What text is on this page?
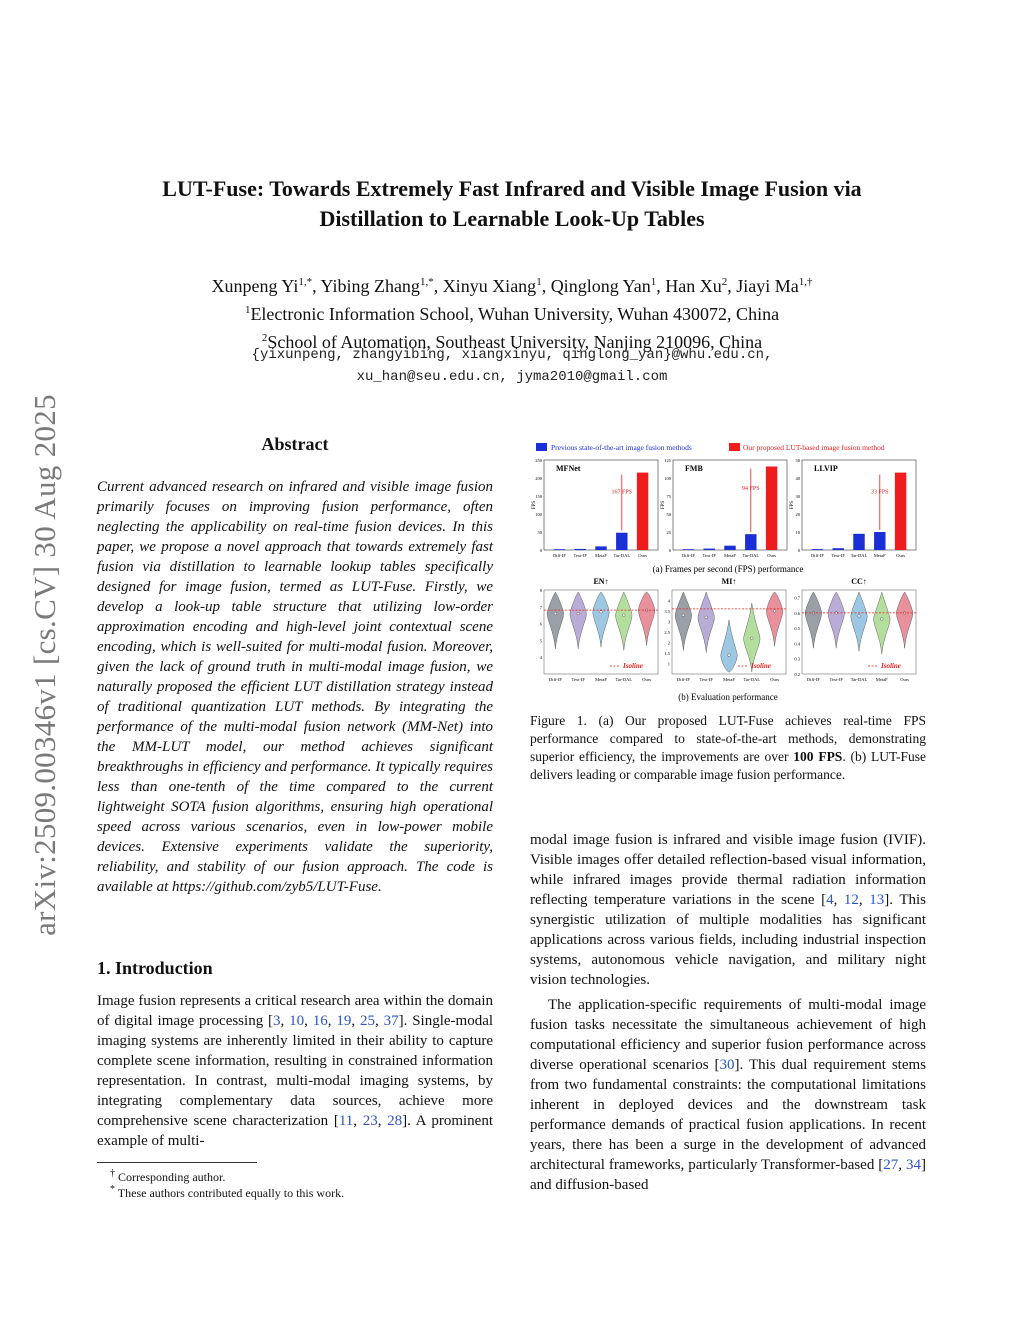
arXiv:2509.00346v1 [cs.CV] 30 Aug 2025
LUT-Fuse: Towards Extremely Fast Infrared and Visible Image Fusion via
Distillation to Learnable Look-Up Tables
Xunpeng $Yi^{1,*}$, Yibing Zhang$^{1,*}$, Xinyu Xiang$^1$, Qinglong Yan$^1$, Han Xu$^2$, Jiayi $Ma^{1,\dagger}$
$^1$Electronic Information School, Wuhan University, Wuhan 430072, China
$^2$School of Automation, Southeast University, Nanjing 210096, China
{yixunpeng, zhangyibing, xiangxinyu, qinglong_yan}@whu.edu.cn,
xu_han@seu.edu.cn, jyma2010@gmail.com
Abstract
Current advanced research on infrared and visible image fusion primarily focuses on improving fusion performance, often neglecting the applicability on real-time fusion devices. In this paper, we propose a novel approach that towards extremely fast fusion via distillation to learnable lookup tables specifically designed for image fusion, termed as LUT-Fuse. Firstly, we develop a look-up table structure that utilizing low-order approximation encoding and high-level joint contextual scene encoding, which is well-suited for multi-modal fusion. Moreover, given the lack of ground truth in multi-modal image fusion, we naturally proposed the efficient LUT distillation strategy instead of traditional quantization LUT methods. By integrating the performance of the multi-modal fusion network (MM-Net) into the MM-LUT model, our method achieves significant breakthroughs in efficiency and performance. It typically requires less than one-tenth of the time compared to the current lightweight SOTA fusion algorithms, ensuring high operational speed across various scenarios, even in low-power mobile devices. Extensive experiments validate the superiority, reliability, and stability of our fusion approach. The code is available at https://github.com/zyb5/LUT-Fuse.
1. Introduction
Image fusion represents a critical research area within the domain of digital image processing [3, 10, 16, 19, 25, 37]. Single-modal imaging systems are inherently limited in their ability to capture complete scene information, resulting in constrained information representation. In contrast, multi-modal imaging systems, by integrating complementary data sources, achieve more comprehensive scene characterization [11, 23, 28]. A prominent example of multi-
† Corresponding author.
* These authors contributed equally to this work.
Previous state-of-the-art image fusion methods	Our proposed LUT-based image fusion method
MFNet
FPS
0
50
100
150
200
250
Diff-IF Text-IF MetaF Tar-DAL Ours
167 FPS
FMB
FPS
0
25
50
75
100
125
Diff-IF Text-IF MetaF Tar-DAL Ours
94 FPS
LLVIP
FPS
0
10
20
30
40
50
Diff-IF Text-IF Tar-DAL MetaF Ours
33 FPS
(a) Frames per second (FPS) performance
EN↑
4
5
6
7
8
Diff-IF Text-IF MetaF Tar-DAL Ours
Isoline
MI↑
1
1.5
2
2.5
3
3.5
4
Diff-IF Text-IF MetaF Tar-DAL Ours
Isoline
CC↑
0.2
0.3
0.4
0.5
0.6
0.7
Diff-IF Text-IF Tar-DAL MetaF	Ours
Isoline
(b) Evaluation performance
Figure 1. (a) Our proposed LUT-Fuse achieves real-time FPS performance compared to state-of-the-art methods, demonstrating superior efficiency, the improvements are over 100 FPS. (b) LUT-Fuse delivers leading or comparable image fusion performance.

modal image fusion is infrared and visible image fusion (IVIF). Visible images offer detailed reflection-based visual information, while infrared images provide thermal radiation information reflecting temperature variations in the scene [4, 12, 13]. This synergistic utilization of multiple modalities has significant applications across various fields, including industrial inspection systems, autonomous vehicle navigation, and military night vision technologies.

The application-specific requirements of multi-modal image fusion tasks necessitate the simultaneous achievement of high computational efficiency and superior fusion performance across diverse operational scenarios [30]. This dual requirement stems from two fundamental constraints: the computational limitations inherent in deployed devices and the downstream task performance demands of practical fusion applications. In recent years, there has been a surge in the development of advanced architectural frameworks, particularly Transformer-based [27, 34] and diffusion-based
